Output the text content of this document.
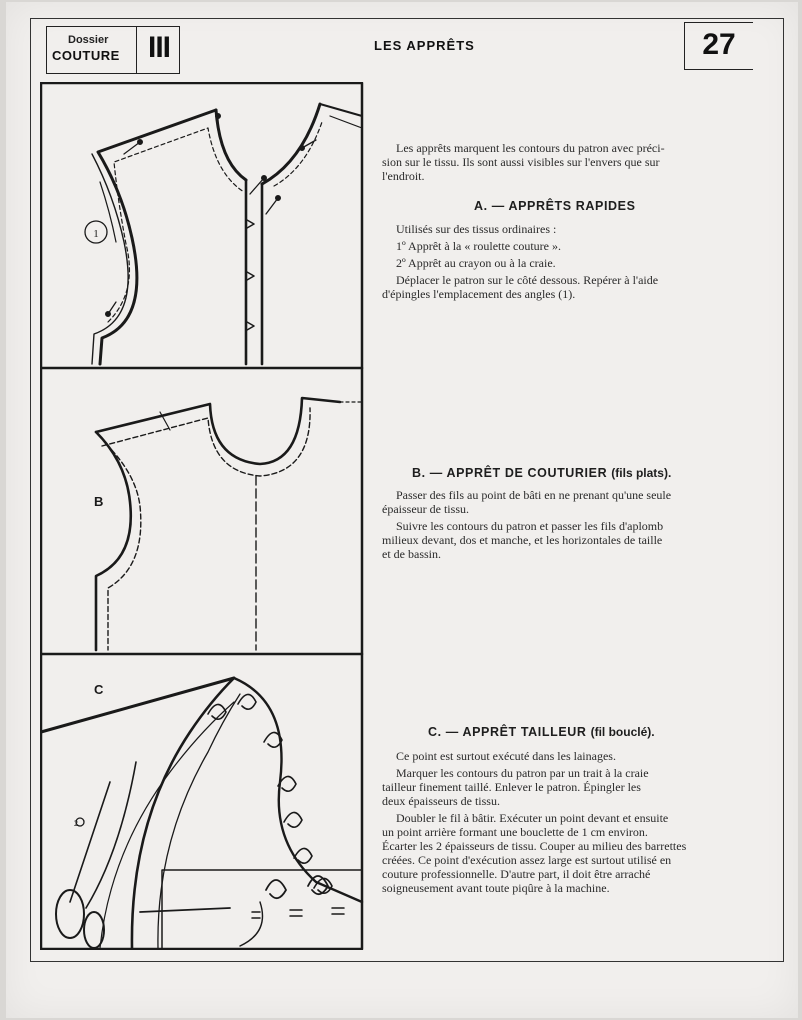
Dossier
COUTURE III	LES APPRÊTS	27
1
B
C
2

Les apprêts marquent les contours du patron avec préci-

sion sur le tissu. Ils sont aussi visibles sur l'envers que sur

l'endroit.

A. — APPRÊTS RAPIDES

Utilisés sur des tissus ordinaires :

1º Apprêt à la « roulette couture ».

2º Apprêt au crayon ou à la craie.

Déplacer le patron sur le côté dessous. Repérer à l'aide

d'épingles l'emplacement des angles (1).

B. — APPRÊT DE COUTURIER (fils plats).

Passer des fils au point de bâti en ne prenant qu'une seule

épaisseur de tissu.

Suivre les contours du patron et passer les fils d'aplomb

milieux devant, dos et manche, et les horizontales de taille

et de bassin.

C. — APPRÊT TAILLEUR (fil bouclé).

Ce point est surtout exécuté dans les lainages.

Marquer les contours du patron par un trait à la craie

tailleur finement taillé. Enlever le patron. Épingler les

deux épaisseurs de tissu.

Doubler le fil à bâtir. Exécuter un point devant et ensuite

un point arrière formant une bouclette de 1 cm environ.

Écarter les 2 épaisseurs de tissu. Couper au milieu des barrettes

créées. Ce point d'exécution assez large est surtout utilisé en

couture professionnelle. D'autre part, il doit être arraché

soigneusement avant toute piqûre à la machine.
